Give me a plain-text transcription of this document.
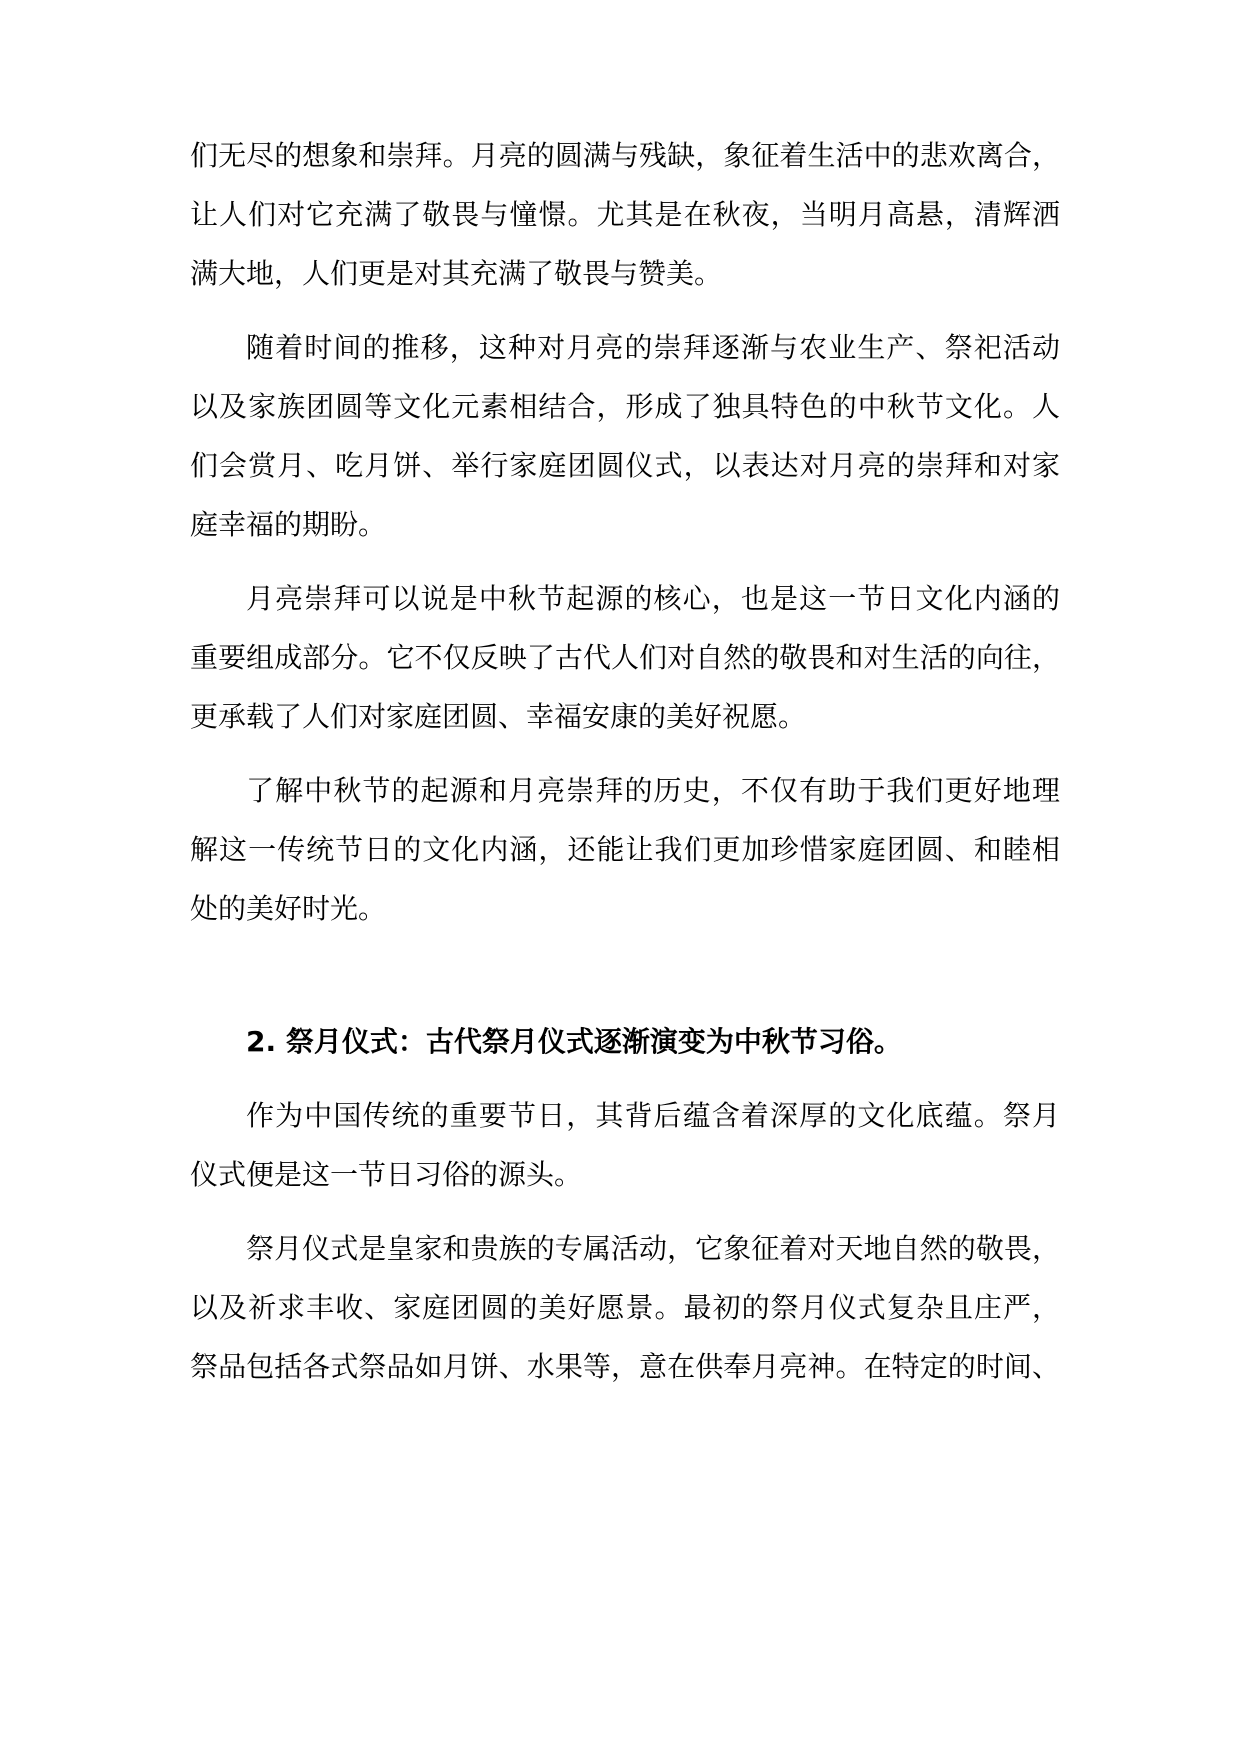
们无尽的想象和崇拜。月亮的圆满与残缺，象征着生活中的悲欢离合，
让人们对它充满了敬畏与憧憬。尤其是在秋夜，当明月高悬，清辉洒
满大地，人们更是对其充满了敬畏与赞美。
随着时间的推移，这种对月亮的崇拜逐渐与农业生产、祭祀活动
以及家族团圆等文化元素相结合，形成了独具特色的中秋节文化。人
们会赏月、吃月饼、举行家庭团圆仪式，以表达对月亮的崇拜和对家
庭幸福的期盼。
月亮崇拜可以说是中秋节起源的核心，也是这一节日文化内涵的
重要组成部分。它不仅反映了古代人们对自然的敬畏和对生活的向往，
更承载了人们对家庭团圆、幸福安康的美好祝愿。
了解中秋节的起源和月亮崇拜的历史，不仅有助于我们更好地理
解这一传统节日的文化内涵，还能让我们更加珍惜家庭团圆、和睦相
处的美好时光。
2. 祭月仪式：古代祭月仪式逐渐演变为中秋节习俗。
作为中国传统的重要节日，其背后蕴含着深厚的文化底蕴。祭月
仪式便是这一节日习俗的源头。
祭月仪式是皇家和贵族的专属活动，它象征着对天地自然的敬畏，
以及祈求丰收、家庭团圆的美好愿景。最初的祭月仪式复杂且庄严，
祭品包括各式祭品如月饼、水果等，意在供奉月亮神。在特定的时间、
